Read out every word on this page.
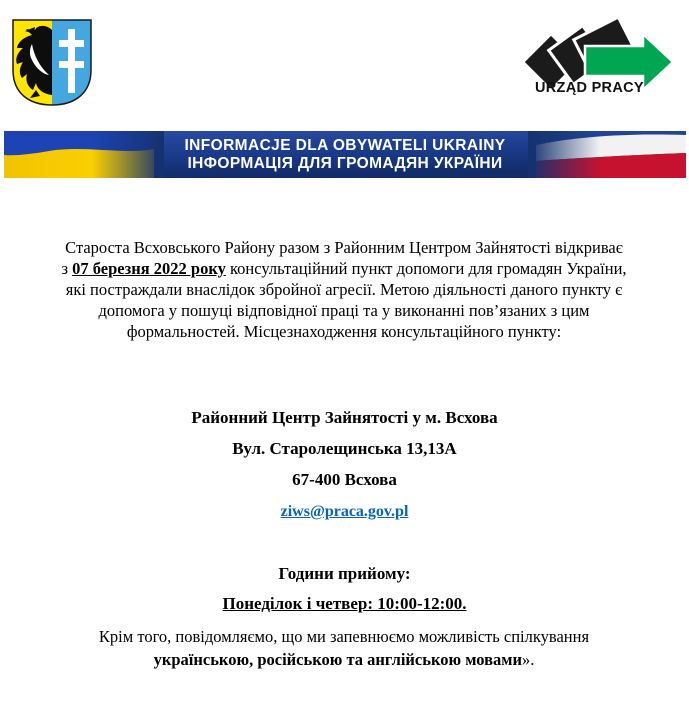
URZĄD PRACY
INFORMACJE DLA OBYWATELI UKRAINY
ІНФОРМАЦІЯ ДЛЯ ГРОМАДЯН УКРАЇНИ
Староста Всховського Району разом з Районним Центром Зайнятості відкриває з 07 березня 2022 року консультаційний пункт допомоги для громадян України, які постраждали внаслідок збройної агресії. Метою діяльності даного пункту є допомога у пошуці відповідної праці та у виконанні пов’язаних з цим формальностей. Місцезнаходження консультаційного пункту:
Районний Центр Зайнятості у м. Всхова
Вул. Старолещинська 13,13А
67-400 Всхова
ziws@praca.gov.pl
Години прийому:
Понеділок і четвер: 10:00-12:00.
Крім того, повідомляємо, що ми запевнюємо можливість спілкування українською, російською та англійською мовами».
